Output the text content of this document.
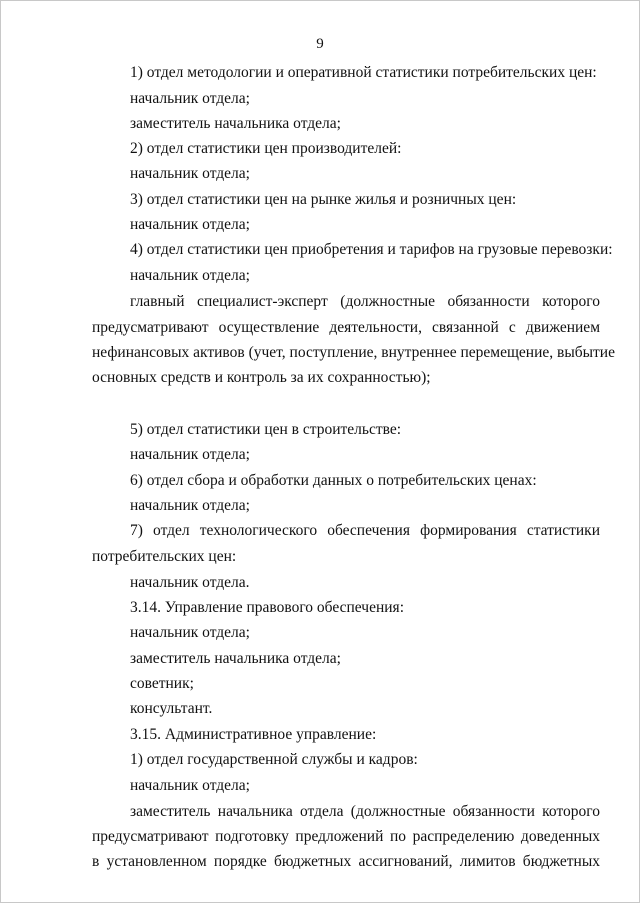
9
1) отдел методологии и оперативной статистики потребительских цен:
начальник отдела;
заместитель начальника отдела;
2) отдел статистики цен производителей:
начальник отдела;
3) отдел статистики цен на рынке жилья и розничных цен:
начальник отдела;
4) отдел статистики цен приобретения и тарифов на грузовые перевозки:
начальник отдела;
главный специалист-эксперт (должностные обязанности которого
предусматривают осуществление деятельности, связанной с движением
нефинансовых активов (учет, поступление, внутреннее перемещение, выбытие
основных средств и контроль за их сохранностью);
5) отдел статистики цен в строительстве:
начальник отдела;
6) отдел сбора и обработки данных о потребительских ценах:
начальник отдела;
7) отдел технологического обеспечения формирования статистики
потребительских цен:
начальник отдела.
3.14. Управление правового обеспечения:
начальник отдела;
заместитель начальника отдела;
советник;
консультант.
3.15. Административное управление:
1) отдел государственной службы и кадров:
начальник отдела;
заместитель начальника отдела (должностные обязанности которого
предусматривают подготовку предложений по распределению доведенных
в установленном порядке бюджетных ассигнований, лимитов бюджетных
